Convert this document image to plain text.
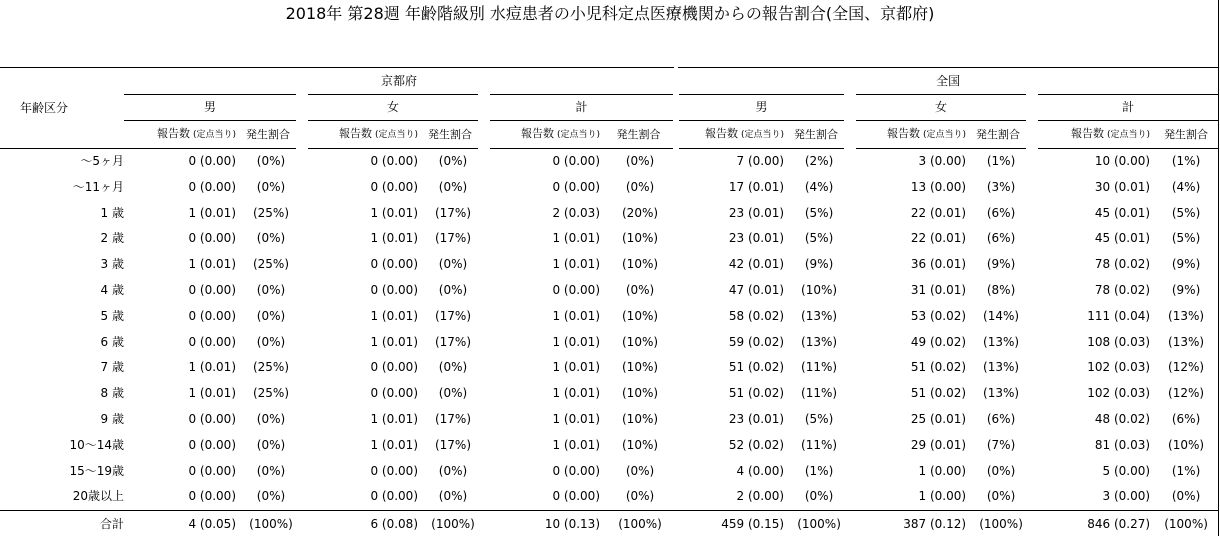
2018年 第28週 年齢階級別 水痘患者の小児科定点医療機関からの報告割合(全国、京都府)
年齢区分	京都府						全国					
	男		女		計		男		女		計	
	報告数 (定点当り)	発生割合	報告数 (定点当り)	発生割合	報告数 (定点当り)	発生割合	報告数 (定点当り)	発生割合	報告数 (定点当り)	発生割合	報告数 (定点当り)	発生割合
～5ヶ月	0 (0.00)	(0%)	0 (0.00)	(0%)	0 (0.00)	(0%)	7 (0.00)	(2%)	3 (0.00)	(1%)	10 (0.00)	(1%)
～11ヶ月	0 (0.00)	(0%)	0 (0.00)	(0%)	0 (0.00)	(0%)	17 (0.01)	(4%)	13 (0.00)	(3%)	30 (0.01)	(4%)
1 歳	1 (0.01)	(25%)	1 (0.01)	(17%)	2 (0.03)	(20%)	23 (0.01)	(5%)	22 (0.01)	(6%)	45 (0.01)	(5%)
2 歳	0 (0.00)	(0%)	1 (0.01)	(17%)	1 (0.01)	(10%)	23 (0.01)	(5%)	22 (0.01)	(6%)	45 (0.01)	(5%)
3 歳	1 (0.01)	(25%)	0 (0.00)	(0%)	1 (0.01)	(10%)	42 (0.01)	(9%)	36 (0.01)	(9%)	78 (0.02)	(9%)
4 歳	0 (0.00)	(0%)	0 (0.00)	(0%)	0 (0.00)	(0%)	47 (0.01)	(10%)	31 (0.01)	(8%)	78 (0.02)	(9%)
5 歳	0 (0.00)	(0%)	1 (0.01)	(17%)	1 (0.01)	(10%)	58 (0.02)	(13%)	53 (0.02)	(14%)	111 (0.04)	(13%)
6 歳	0 (0.00)	(0%)	1 (0.01)	(17%)	1 (0.01)	(10%)	59 (0.02)	(13%)	49 (0.02)	(13%)	108 (0.03)	(13%)
7 歳	1 (0.01)	(25%)	0 (0.00)	(0%)	1 (0.01)	(10%)	51 (0.02)	(11%)	51 (0.02)	(13%)	102 (0.03)	(12%)
8 歳	1 (0.01)	(25%)	0 (0.00)	(0%)	1 (0.01)	(10%)	51 (0.02)	(11%)	51 (0.02)	(13%)	102 (0.03)	(12%)
9 歳	0 (0.00)	(0%)	1 (0.01)	(17%)	1 (0.01)	(10%)	23 (0.01)	(5%)	25 (0.01)	(6%)	48 (0.02)	(6%)
10～14歳	0 (0.00)	(0%)	1 (0.01)	(17%)	1 (0.01)	(10%)	52 (0.02)	(11%)	29 (0.01)	(7%)	81 (0.03)	(10%)
15～19歳	0 (0.00)	(0%)	0 (0.00)	(0%)	0 (0.00)	(0%)	4 (0.00)	(1%)	1 (0.00)	(0%)	5 (0.00)	(1%)
20歳以上	0 (0.00)	(0%)	0 (0.00)	(0%)	0 (0.00)	(0%)	2 (0.00)	(0%)	1 (0.00)	(0%)	3 (0.00)	(0%)
合計	4 (0.05)	(100%)	6 (0.08)	(100%)	10 (0.13)	(100%)	459 (0.15)	(100%)	387 (0.12)	(100%)	846 (0.27)	(100%)
